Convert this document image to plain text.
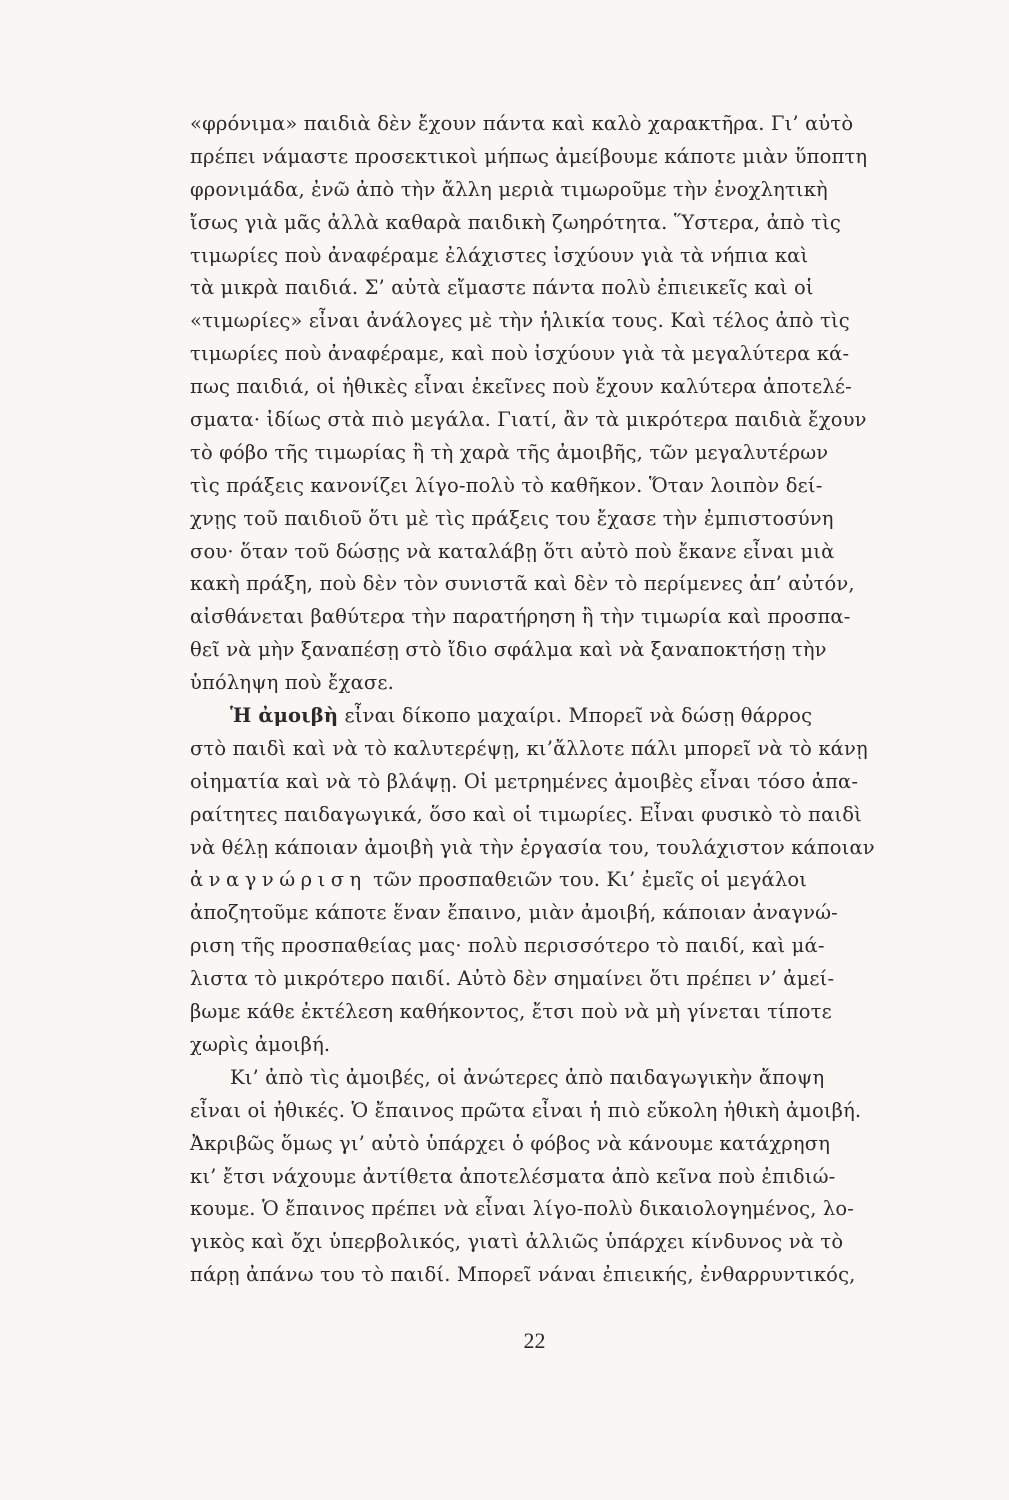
«φρόνιμα» παιδιὰ δὲν ἔχουν πάντα καὶ καλὸ χαρακτῆρα. Γι’ αὐτὸ
πρέπει νάμαστε προσεκτικοὶ μήπως ἀμείβουμε κάποτε μιὰν ὕποπτη
φρονιμάδα, ἐνῶ ἀπὸ τὴν ἄλλη μεριὰ τιμωροῦμε τὴν ἐνοχλητικὴ
ἴσως γιὰ μᾶς ἀλλὰ καθαρὰ παιδικὴ ζωηρότητα. Ὕστερα, ἀπὸ τὶς
τιμωρίες ποὺ ἀναφέραμε ἐλάχιστες ἰσχύουν γιὰ τὰ νήπια καὶ
τὰ μικρὰ παιδιά. Σ’ αὐτὰ εἴμαστε πάντα πολὺ ἐπιεικεῖς καὶ οἱ
«τιμωρίες» εἶναι ἀνάλογες μὲ τὴν ἡλικία τους. Καὶ τέλος ἀπὸ τὶς
τιμωρίες ποὺ ἀναφέραμε, καὶ ποὺ ἰσχύουν γιὰ τὰ μεγαλύτερα κά-
πως παιδιά, οἱ ἠθικὲς εἶναι ἐκεῖνες ποὺ ἔχουν καλύτερα ἀποτελέ-
σματα· ἰδίως στὰ πιὸ μεγάλα. Γιατί, ἂν τὰ μικρότερα παιδιὰ ἔχουν
τὸ φόβο τῆς τιμωρίας ἢ τὴ χαρὰ τῆς ἀμοιβῆς, τῶν μεγαλυτέρων
τὶς πράξεις κανονίζει λίγο-πολὺ τὸ καθῆκον. Ὅταν λοιπὸν δεί-
χνῃς τοῦ παιδιοῦ ὅτι μὲ τὶς πράξεις του ἔχασε τὴν ἐμπιστοσύνη
σου· ὅταν τοῦ δώσῃς νὰ καταλάβῃ ὅτι αὐτὸ ποὺ ἔκανε εἶναι μιὰ
κακὴ πράξη, ποὺ δὲν τὸν συνιστᾶ καὶ δὲν τὸ περίμενες ἀπ’ αὐτόν,
αἰσθάνεται βαθύτερα τὴν παρατήρηση ἢ τὴν τιμωρία καὶ προσπα-
θεῖ νὰ μὴν ξαναπέσῃ στὸ ἴδιο σφάλμα καὶ νὰ ξαναποκτήσῃ τὴν
ὑπόληψη ποὺ ἔχασε.
Ἡ ἀμοιβὴ εἶναι δίκοπο μαχαίρι. Μπορεῖ νὰ δώσῃ θάρρος
στὸ παιδὶ καὶ νὰ τὸ καλυτερέψῃ, κι’ἄλλοτε πάλι μπορεῖ νὰ τὸ κάνῃ
οἰηματία καὶ νὰ τὸ βλάψῃ. Οἱ μετρημένες ἀμοιβὲς εἶναι τόσο ἀπα-
ραίτητες παιδαγωγικά, ὅσο καὶ οἱ τιμωρίες. Εἶναι φυσικὸ τὸ παιδὶ
νὰ θέλῃ κάποιαν ἀμοιβὴ γιὰ τὴν ἐργασία του, τουλάχιστον κάποιαν
ἀναγνώριση τῶν προσπαθειῶν του. Κι’ ἐμεῖς οἱ μεγάλοι
ἀποζητοῦμε κάποτε ἕναν ἔπαινο, μιὰν ἀμοιβή, κάποιαν ἀναγνώ-
ριση τῆς προσπαθείας μας· πολὺ περισσότερο τὸ παιδί, καὶ μά-
λιστα τὸ μικρότερο παιδί. Αὐτὸ δὲν σημαίνει ὅτι πρέπει ν’ ἀμεί-
βωμε κάθε ἐκτέλεση καθήκοντος, ἔτσι ποὺ νὰ μὴ γίνεται τίποτε
χωρὶς ἀμοιβή.
Κι’ ἀπὸ τὶς ἀμοιβές, οἱ ἀνώτερες ἀπὸ παιδαγωγικὴν ἄποψη
εἶναι οἱ ἠθικές. Ὁ ἔπαινος πρῶτα εἶναι ἡ πιὸ εὔκολη ἠθικὴ ἀμοιβή.
Ἀκριβῶς ὅμως γι’ αὐτὸ ὑπάρχει ὁ φόβος νὰ κάνουμε κατάχρηση
κι’ ἔτσι νάχουμε ἀντίθετα ἀποτελέσματα ἀπὸ κεῖνα ποὺ ἐπιδιώ-
κουμε. Ὁ ἔπαινος πρέπει νὰ εἶναι λίγο-πολὺ δικαιολογημένος, λο-
γικὸς καὶ ὄχι ὑπερβολικός, γιατὶ ἀλλιῶς ὑπάρχει κίνδυνος νὰ τὸ
πάρῃ ἀπάνω του τὸ παιδί. Μπορεῖ νάναι ἐπιεικής, ἐνθαρρυντικός,
22
